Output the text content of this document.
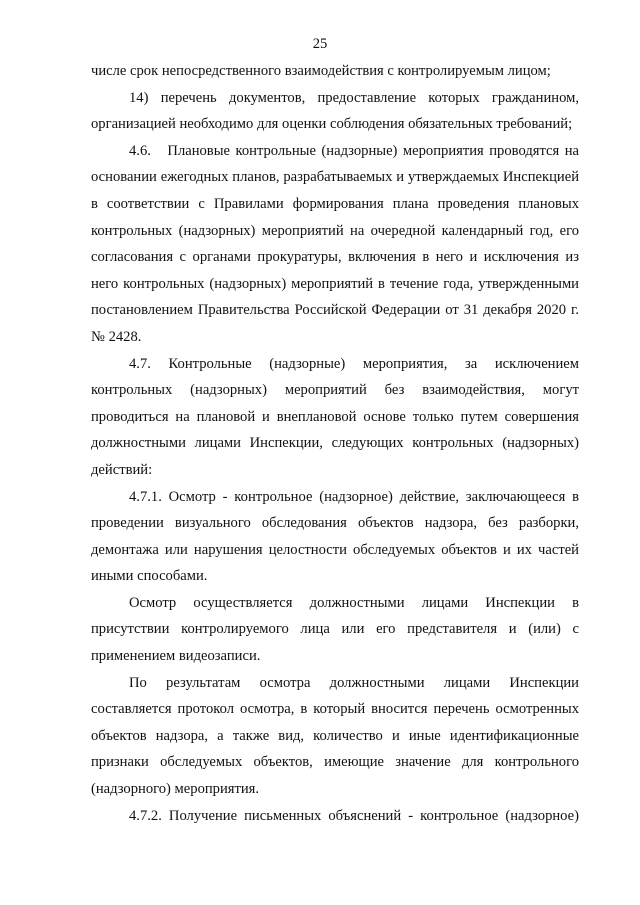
25

числе срок непосредственного взаимодействия с контролируемым лицом;

14) перечень документов, предоставление которых гражданином, организацией необходимо для оценки соблюдения обязательных требований;

4.6.   Плановые контрольные (надзорные) мероприятия проводятся на основании ежегодных планов, разрабатываемых и утверждаемых Инспекцией в соответствии с Правилами формирования плана проведения плановых контрольных (надзорных) мероприятий на очередной календарный год, его согласования с органами прокуратуры, включения в него и исключения из него контрольных (надзорных) мероприятий в течение года, утвержденными постановлением Правительства Российской Федерации от 31 декабря 2020 г. № 2428.

4.7. Контрольные (надзорные) мероприятия, за исключением контрольных (надзорных) мероприятий без взаимодействия, могут проводиться на плановой и внеплановой основе только путем совершения должностными лицами Инспекции, следующих контрольных (надзорных) действий:

4.7.1. Осмотр - контрольное (надзорное) действие, заключающееся в проведении визуального обследования объектов надзора, без разборки, демонтажа или нарушения целостности обследуемых объектов и их частей иными способами.

Осмотр осуществляется должностными лицами Инспекции в присутствии контролируемого лица или его представителя и (или) с применением видеозаписи.

По результатам осмотра должностными лицами Инспекции составляется протокол осмотра, в который вносится перечень осмотренных объектов надзора, а также вид, количество и иные идентификационные признаки обследуемых объектов, имеющие значение для контрольного (надзорного) мероприятия.

4.7.2. Получение письменных объяснений - контрольное (надзорное)
